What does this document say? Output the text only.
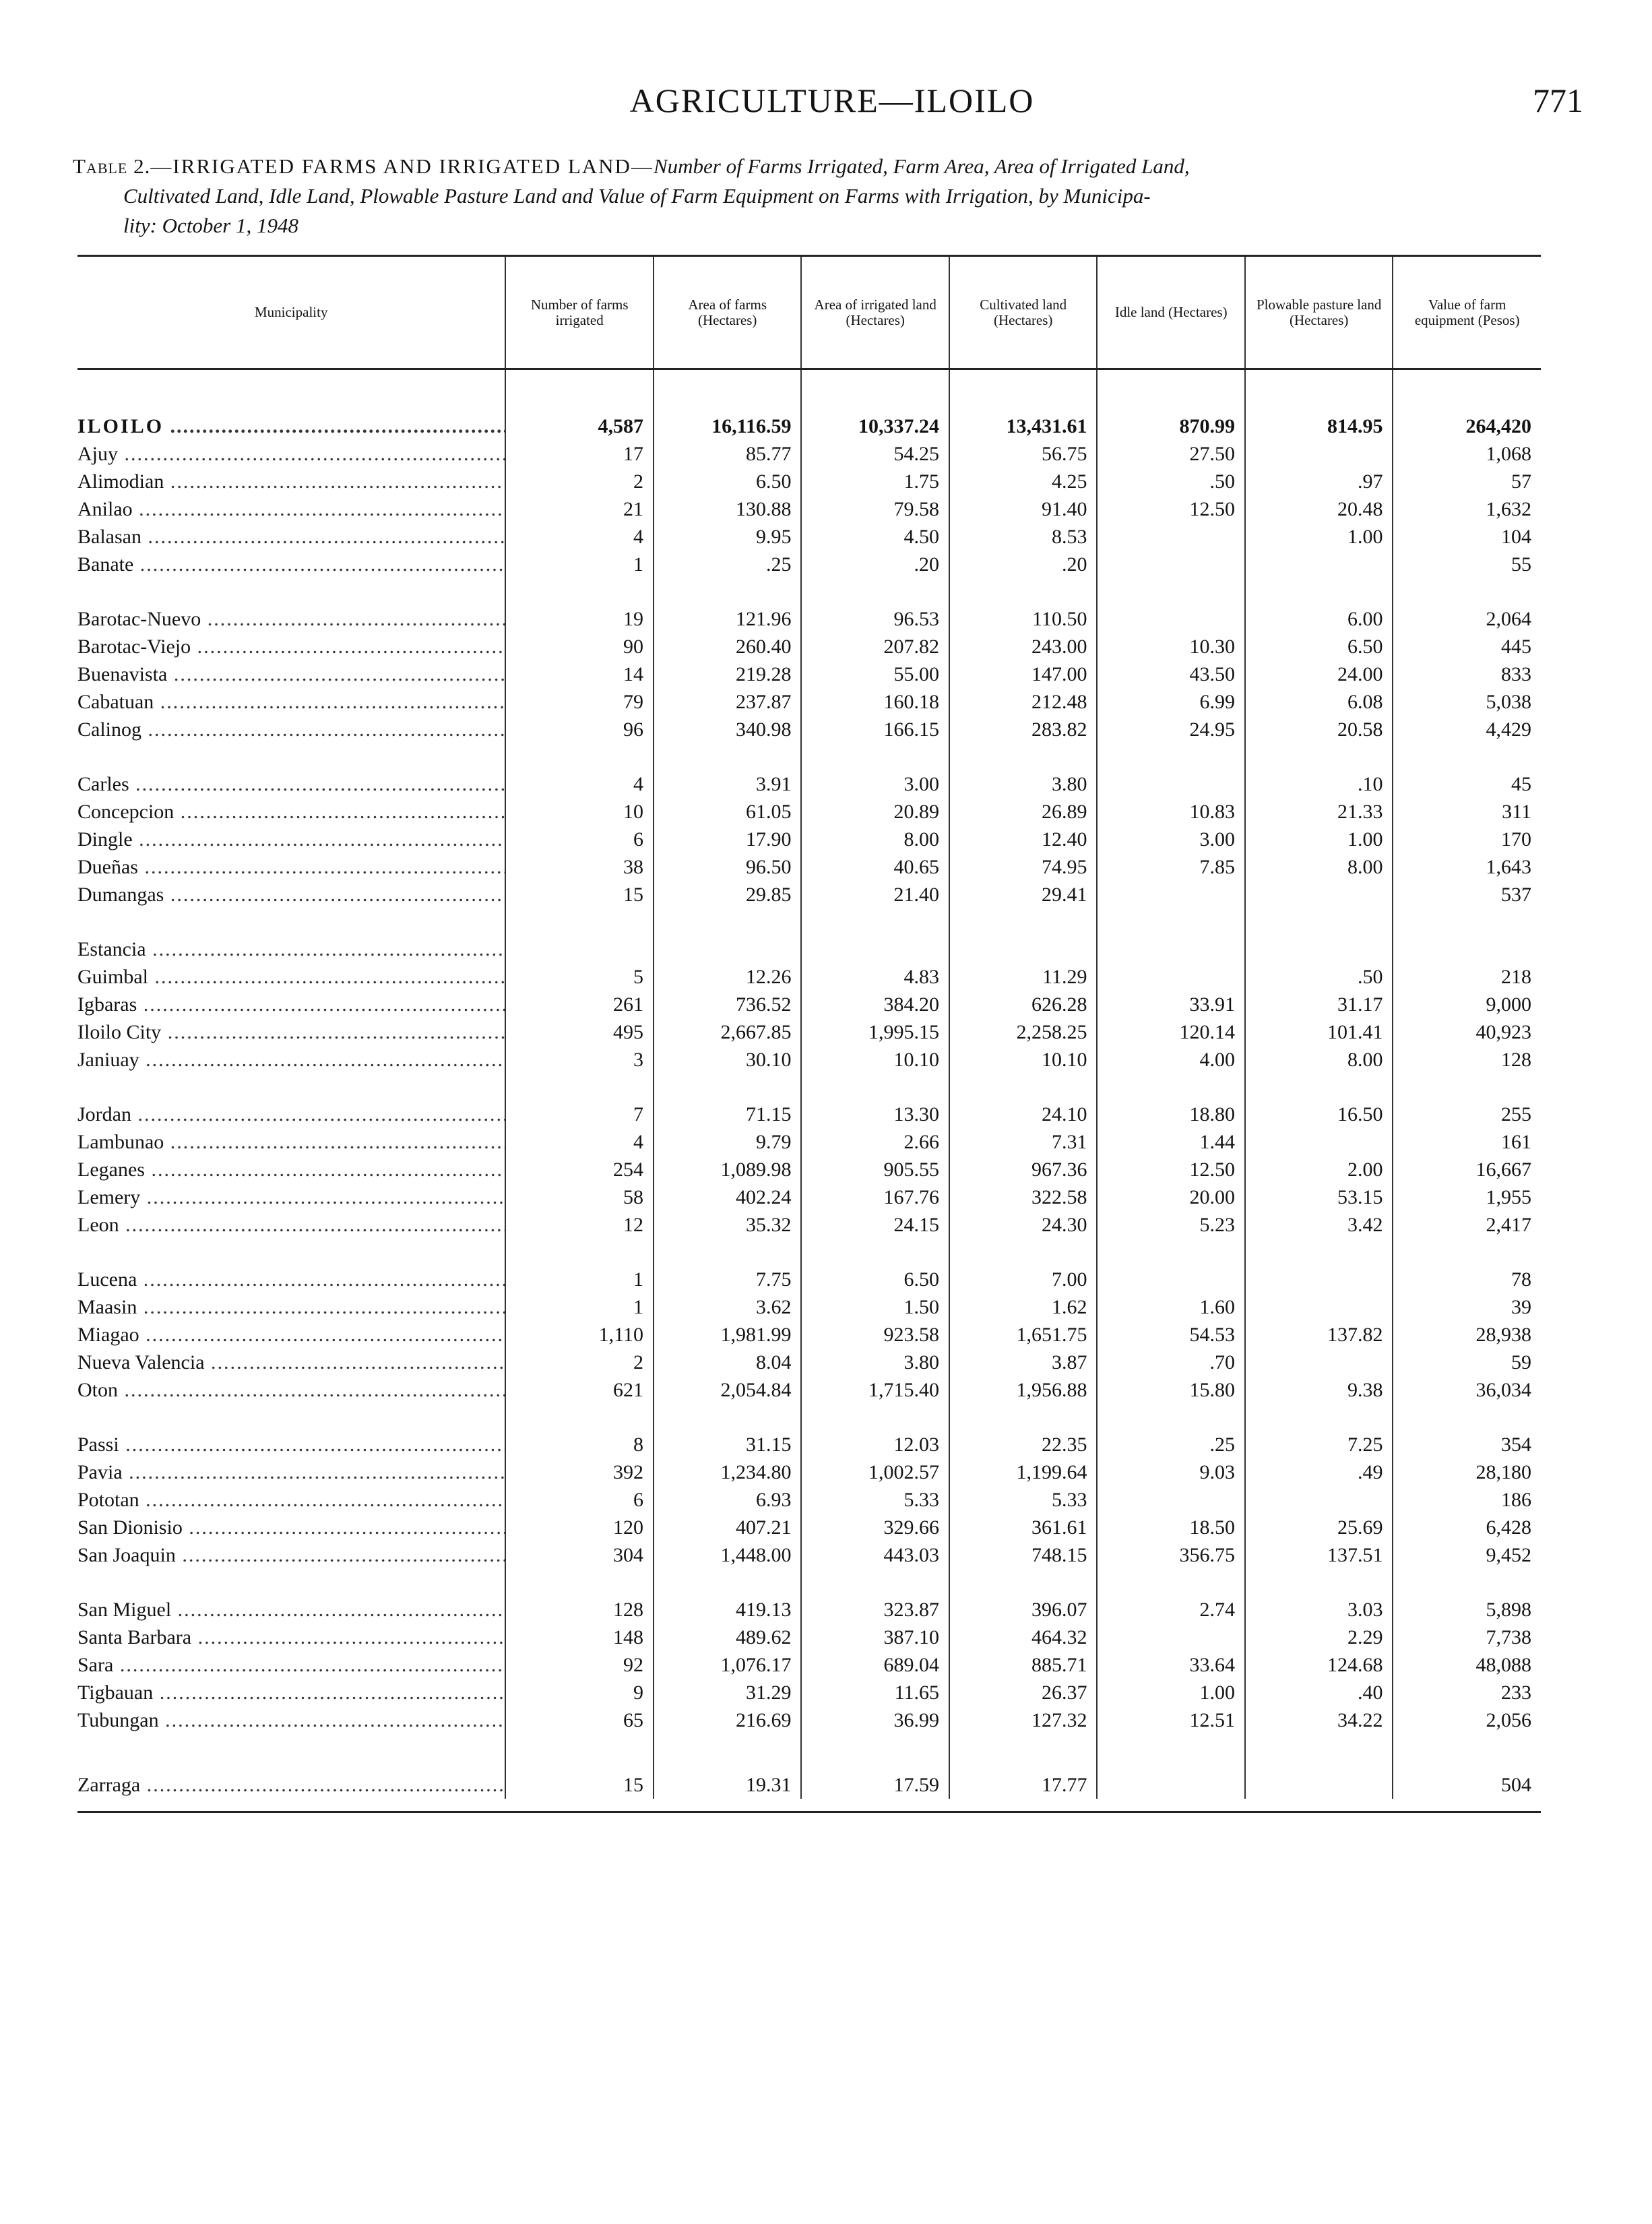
AGRICULTURE—ILOILO	771
Table 2.—IRRIGATED FARMS AND IRRIGATED LAND—Number of Farms Irrigated, Farm Area, Area of Irrigated Land,
Cultivated Land, Idle Land, Plowable Pasture Land and Value of Farm Equipment on Farms with Irrigation, by Municipa-
lity: October 1, 1948
Municipality	Number of farms irrigated	Area of farms (Hectares)	Area of irrigated land (Hectares)	Cultivated land (Hectares)	Idle land (Hectares)	Plowable pasture land (Hectares)	Value of farm equipment (Pesos)
ILOILO .....	4,587	16,116.59	10,337.24	13,431.61	870.99	814.95	264,420
Ajuy .....	17	85.77	54.25	56.75	27.50		1,068
Alimodian .....	2	6.50	1.75	4.25	.50	.97	57
Anilao .....	21	130.88	79.58	91.40	12.50	20.48	1,632
Balasan .....	4	9.95	4.50	8.53		1.00	104
Banate .....	1	.25	.20	.20			55

Barotac-Nuevo .....	19	121.96	96.53	110.50		6.00	2,064
Barotac-Viejo .....	90	260.40	207.82	243.00	10.30	6.50	445
Buenavista .....	14	219.28	55.00	147.00	43.50	24.00	833
Cabatuan .....	79	237.87	160.18	212.48	6.99	6.08	5,038
Calinog .....	96	340.98	166.15	283.82	24.95	20.58	4,429

Carles .....	4	3.91	3.00	3.80		.10	45
Concepcion .....	10	61.05	20.89	26.89	10.83	21.33	311
Dingle .....	6	17.90	8.00	12.40	3.00	1.00	170
Dueñas .....	38	96.50	40.65	74.95	7.85	8.00	1,643
Dumangas .....	15	29.85	21.40	29.41			537

Estancia .....							
Guimbal .....	5	12.26	4.83	11.29		.50	218
Igbaras .....	261	736.52	384.20	626.28	33.91	31.17	9,000
Iloilo City .....	495	2,667.85	1,995.15	2,258.25	120.14	101.41	40,923
Janiuay .....	3	30.10	10.10	10.10	4.00	8.00	128

Jordan .....	7	71.15	13.30	24.10	18.80	16.50	255
Lambunao .....	4	9.79	2.66	7.31	1.44		161
Leganes .....	254	1,089.98	905.55	967.36	12.50	2.00	16,667
Lemery .....	58	402.24	167.76	322.58	20.00	53.15	1,955
Leon .....	12	35.32	24.15	24.30	5.23	3.42	2,417

Lucena .....	1	7.75	6.50	7.00			78
Maasin .....	1	3.62	1.50	1.62	1.60		39
Miagao .....	1,110	1,981.99	923.58	1,651.75	54.53	137.82	28,938
Nueva Valencia .....	2	8.04	3.80	3.87	.70		59
Oton .....	621	2,054.84	1,715.40	1,956.88	15.80	9.38	36,034

Passi .....	8	31.15	12.03	22.35	.25	7.25	354
Pavia .....	392	1,234.80	1,002.57	1,199.64	9.03	.49	28,180
Pototan .....	6	6.93	5.33	5.33			186
San Dionisio .....	120	407.21	329.66	361.61	18.50	25.69	6,428
San Joaquin .....	304	1,448.00	443.03	748.15	356.75	137.51	9,452

San Miguel .....	128	419.13	323.87	396.07	2.74	3.03	5,898
Santa Barbara .....	148	489.62	387.10	464.32		2.29	7,738
Sara .....	92	1,076.17	689.04	885.71	33.64	124.68	48,088
Tigbauan .....	9	31.29	11.65	26.37	1.00	.40	233
Tubungan .....	65	216.69	36.99	127.32	12.51	34.22	2,056

Zarraga .....	15	19.31	17.59	17.77			504
